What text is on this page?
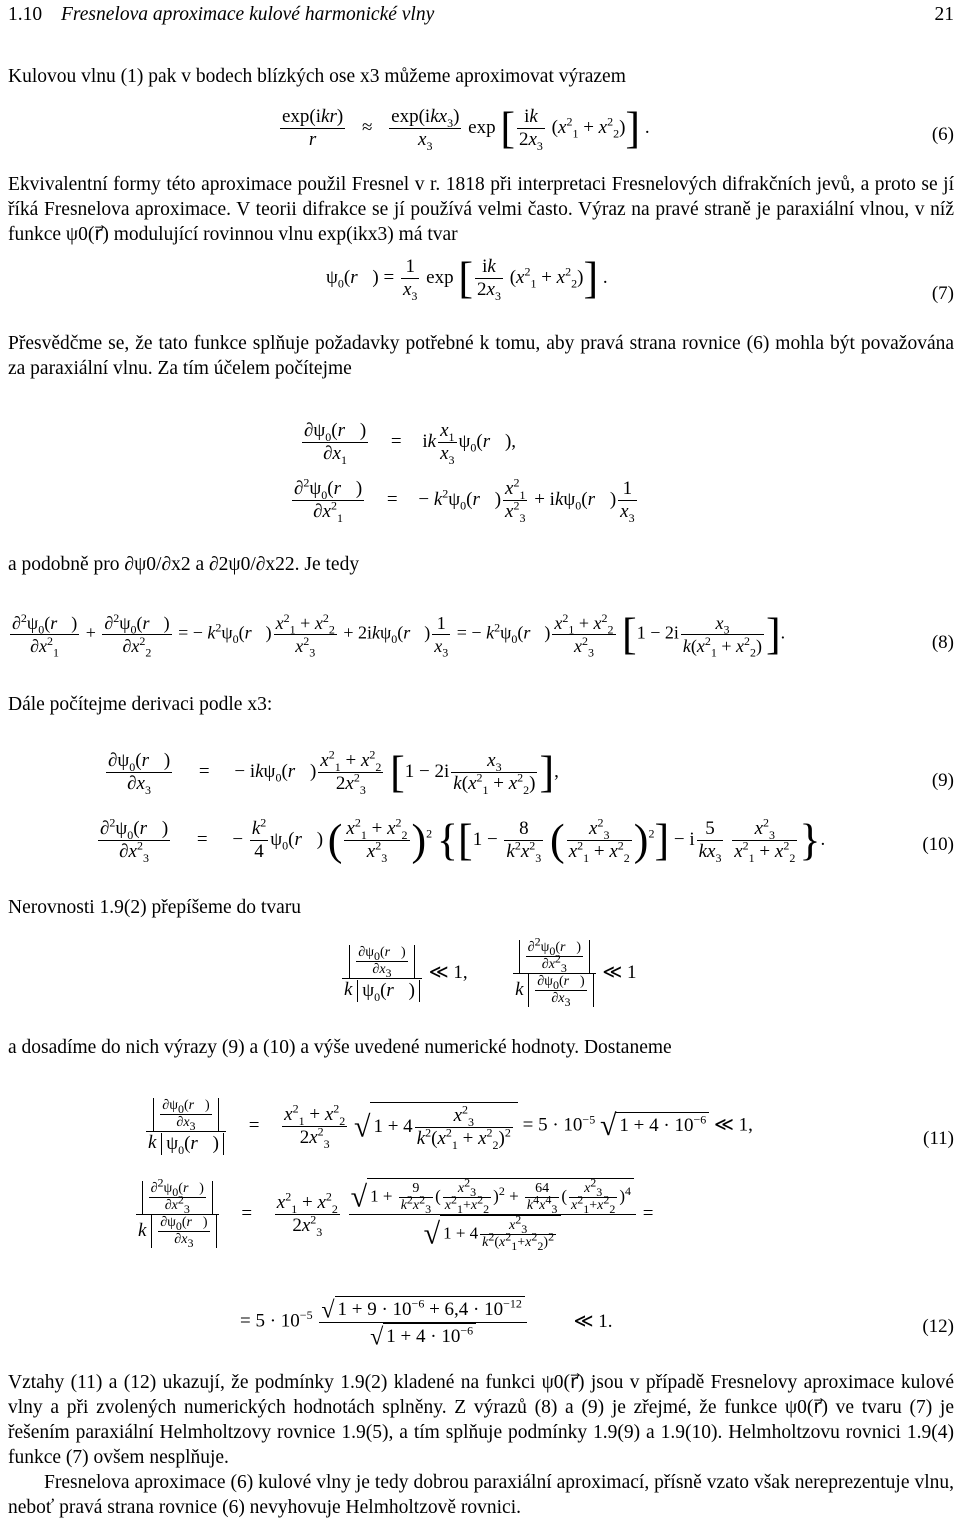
1.10 Fresnelova aproximace kulové harmonické vlny	21
Kulovou vlnu (1) pak v bodech blízkých ose x3 můžeme aproximovat výrazem
$\frac{\text{exp(ikr)}}{r} \approx \frac{\exp(ikx_3)}{x_3}$ exp [ $\frac{ik}{2x_3} (x^2_1 + x^2_2)$] .	(6)
Ekvivalentní formy této aproximace použil Fresnel v r. 1818 při interpretaci Fresnelových difrakčních jevů, a proto se jí říká Fresnelova aproximace. V teorii difrakce se jí používá velmi často. Výraz na pravé straně je paraxiální vlnou, v níž funkce ψ0(r⃗) modulující rovinnou vlnu exp(ikx3) má tvar
$\psi_0(r⃗) = \frac{1}{x_3}$ exp [ $\frac{ik}{2x_3} (x^2_1 + x^2_2)$] .
(7)
Přesvědčme se, že tato funkce splňuje požadavky potřebné k tomu, aby pravá strana rovnice (6) mohla být považována za paraxiální vlnu. Za tím účelem počítejme
$\frac{\partial\psi_0(r⃗)}{\partial x_1}$ = ik $\frac{x_1}{x_3}$ $\psi_0(r⃗)$,
$\frac{\partial^2\psi_0(r⃗)}{\partial x^2_1}$ = − $k^2\psi_0(r⃗) \frac{x^2_1}{x^2_3}$ + ikψ$_0$(r⃗) $\frac{1}{x_3}$
a podobně pro ∂ψ0/∂x2 a ∂2ψ0/∂x22. Je tedy
$\frac{\partial^2\psi_0(r⃗)}{\partial x^2_1} + \frac{\partial^2\psi_0(r⃗)}{\partial x^2_2}$ = − $k^2\psi_0(r⃗) \frac{x^2_1 + x^2_2}{x^2_3}$ + 2ikψ$_0$(r⃗) $\frac{1}{x_3}$ = − $k^2\psi_0(r⃗) \frac{x^2_1 + x^2_2}{x^2_3} [1 - 2i \frac{x_3}{k(x^2_1 + x^2_2)}$ ].	(8)
Dále počítejme derivaci podle x3:
$\frac{\partial\psi_0(r⃗)}{\partial x_3}$ = − ikψ$_0$(r⃗) $\frac{x^2_1 + x^2_2}{2x^2_3} [1 - 2i \frac{x_3}{k(x^2_1 + x^2_2)}$ ],	(9)
$\frac{\partial^2\psi_0(r⃗)}{\partial x^2_3}$ = − $\frac{k^2}{4}$ $\psi_0(r⃗)$ ( $\frac{x^2_1 + x^2_2}{x^2_3} )^2$ {[$1 - \frac{8}{k^2x^2_3}$ ( $\frac{x^2_3}{x^2_1 + x^2_2} )^2] - i \frac{5}{kx_3}$
$\frac{x^2_3}{x^2_1 + x^2_2}$ }.	(10)
Nerovnosti 1.9(2) přepíšeme do tvaru
$\frac{\frac{\partial\psi_0(r⃗)}{\partial x_3}}{k \psi_0(r⃗)}$ ≪ 1,	$\frac{\frac{\partial^2\psi_0(r⃗)}{\partial x^2_3}}{k \frac{\partial\psi_0(r⃗)}{\partial x_3}}$ ≪ 1
a dosadíme do nich výrazy (9) a (10) a výše uvedené numerické hodnoty. Dostaneme
$\frac{\frac{\partial\psi_0(r⃗)}{\partial x_3}}{k \psi_0(r⃗)} = \frac{x^2_1 + x^2_2}{2x^2_3}$ √ $1 + 4 \frac{x^2_3}{k^2(x^2_1 + x^2_2)^2} = 5 \cdot 10^{-5}$ √ $1 + 4 \cdot 10^{-6}$ ≪ 1,
(11)
$\frac{\frac{\partial^2\psi_0(r⃗)}{\partial x^2_3}}{k \frac{\partial\psi_0(r⃗)}{\partial x_3}} = \frac{x^2_1 + x^2_2}{2x^2_3}$
$\frac{√ 1 + \frac{9}{k^2x^2_3} ( \frac{x^2_3}{x^2_1+x^2_2} )^2 + \frac{64}{k^4x^4_3} ( \frac{x^2_3}{x^2_1+x^2_2} )^4}{√ 1 + 4 \frac{x^2_3}{k^2(x^2_1+x^2_2)^2}}$ =
= $5 \cdot 10^{-5} \frac{√ 1 + 9 \cdot 10^{-6} + 6,4 \cdot 10^{-12}}{√ 1 + 4 \cdot 10^{-6}}$ ≪ 1.	(12)
Vztahy (11) a (12) ukazují, že podmínky 1.9(2) kladené na funkci ψ0(r⃗) jsou v případě Fresnelovy aproximace kulové vlny a při zvolených numerických hodnotách splněny. Z výrazů (8) a (9) je zřejmé, že funkce ψ0(r⃗) ve tvaru (7) je řešením paraxiální Helmholtzovy rovnice 1.9(5), a tím splňuje podmínky 1.9(9) a 1.9(10). Helmholtzovu rovnici 1.9(4) funkce (7) ovšem nesplňuje.
Fresnelova aproximace (6) kulové vlny je tedy dobrou paraxiální aproximací, přísně vzato však nereprezentuje vlnu, neboť pravá strana rovnice (6) nevyhovuje Helmholtzově rovnici.
